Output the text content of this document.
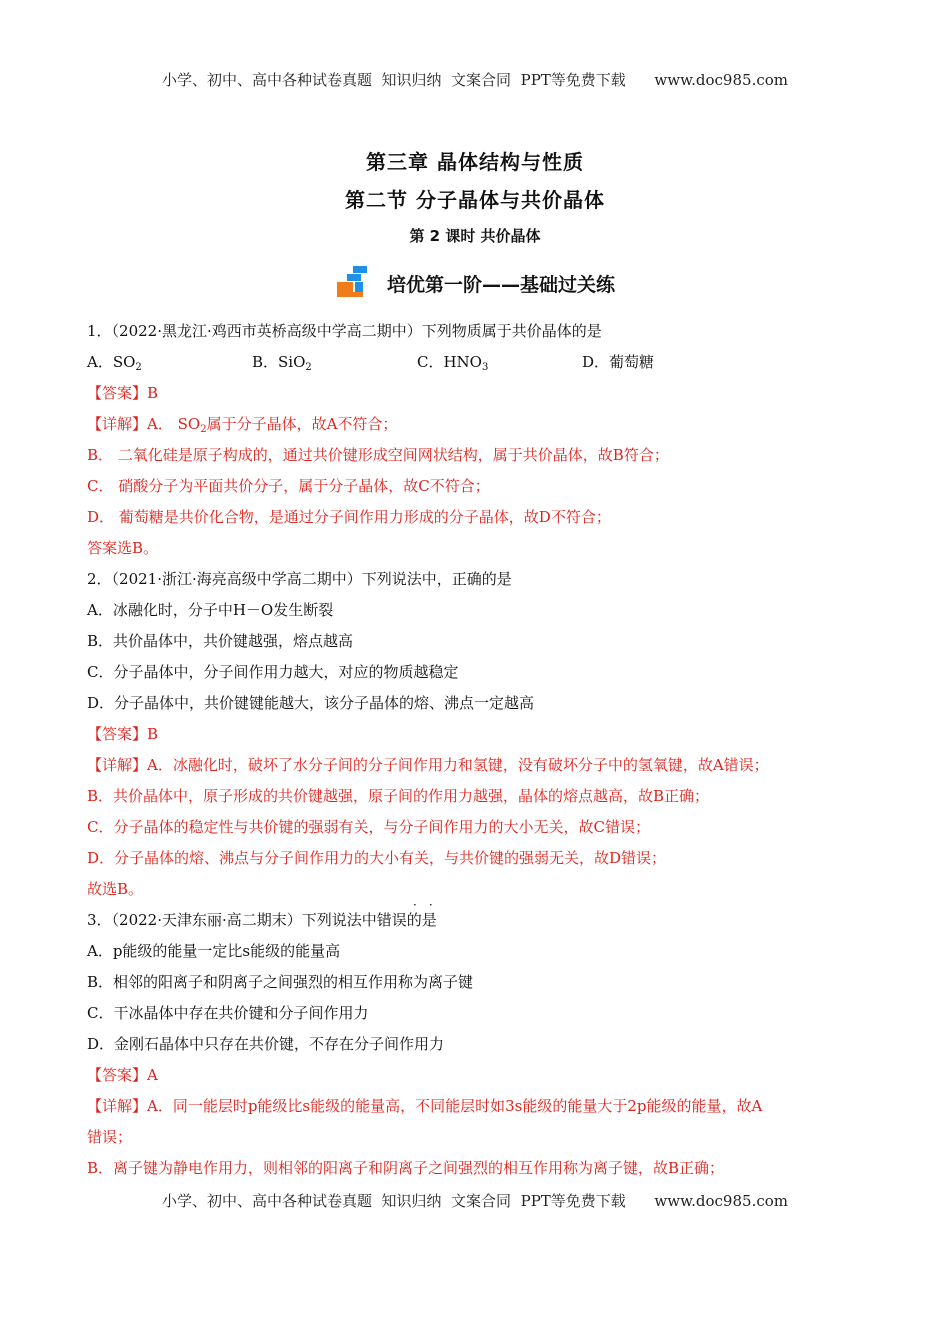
小学、初中、高中各种试卷真题  知识归纳  文案合同  PPT等免费下载      www.doc985.com
第三章 晶体结构与性质
第二节 分子晶体与共价晶体
第 2 课时 共价晶体
培优第一阶——基础过关练
1．（2022·黑龙江·鸡西市英桥高级中学高二期中）下列物质属于共价晶体的是
A．$SO_2$	B．SiO$_2$	C．$HNO_3$	D．葡萄糖
【答案】B
【详解】A． $SO_2$属于分子晶体，故A不符合；
B． 二氧化硅是原子构成的，通过共价键形成空间网状结构，属于共价晶体，故B符合；
C． 硝酸分子为平面共价分子，属于分子晶体，故C不符合；
D． 葡萄糖是共价化合物，是通过分子间作用力形成的分子晶体，故D不符合；
答案选B。
2．（2021·浙江·海亮高级中学高二期中）下列说法中，正确的是
A．冰融化时，分子中H－O发生断裂
B．共价晶体中，共价键越强，熔点越高
C．分子晶体中，分子间作用力越大，对应的物质越稳定
D．分子晶体中，共价键键能越大，该分子晶体的熔、沸点一定越高
【答案】B
【详解】A．冰融化时，破坏了水分子间的分子间作用力和氢键，没有破坏分子中的氢氧键，故A错误；
B．共价晶体中，原子形成的共价键越强，原子间的作用力越强，晶体的熔点越高，故B正确；
C．分子晶体的稳定性与共价键的强弱有关，与分子间作用力的大小无关，故C错误；
D．分子晶体的熔、沸点与分子间作用力的大小有关，与共价键的强弱无关，故D错误；
故选B。
3．（2022·天津东丽·高二期末）下列说法中错误的是
A．p能级的能量一定比s能级的能量高
B．相邻的阳离子和阴离子之间强烈的相互作用称为离子键
C．干冰晶体中存在共价键和分子间作用力
D．金刚石晶体中只存在共价键，不存在分子间作用力
【答案】A
【详解】A．同一能层时p能级比s能级的能量高，不同能层时如3s能级的能量大于2p能级的能量，故A
错误；
B．离子键为静电作用力，则相邻的阳离子和阴离子之间强烈的相互作用称为离子键，故B正确；
··
小学、初中、高中各种试卷真题  知识归纳  文案合同  PPT等免费下载      www.doc985.com
